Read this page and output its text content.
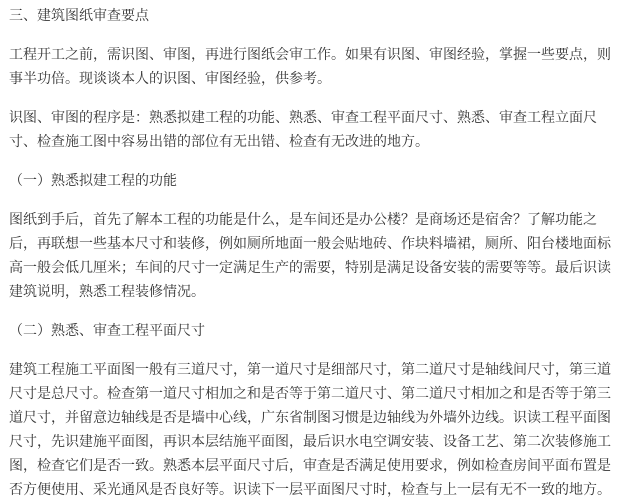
三、建筑图纸审查要点

工程开工之前，需识图、审图，再进行图纸会审工作。如果有识图、审图经验，掌握一些要点，则

事半功倍。现谈谈本人的识图、审图经验，供参考。

识图、审图的程序是：熟悉拟建工程的功能、熟悉、审查工程平面尺寸、熟悉、审查工程立面尺

寸、检查施工图中容易出错的部位有无出错、检查有无改进的地方。

（一）熟悉拟建工程的功能

图纸到手后，首先了解本工程的功能是什么，是车间还是办公楼？是商场还是宿舍？了解功能之

后，再联想一些基本尺寸和装修，例如厕所地面一般会贴地砖、作块料墙裙，厕所、阳台楼地面标

高一般会低几厘米；车间的尺寸一定满足生产的需要，特别是满足设备安装的需要等等。最后识读

建筑说明，熟悉工程装修情况。

（二）熟悉、审查工程平面尺寸

建筑工程施工平面图一般有三道尺寸，第一道尺寸是细部尺寸，第二道尺寸是轴线间尺寸，第三道

尺寸是总尺寸。检查第一道尺寸相加之和是否等于第二道尺寸、第二道尺寸相加之和是否等于第三

道尺寸，并留意边轴线是否是墙中心线，广东省制图习惯是边轴线为外墙外边线。识读工程平面图

尺寸，先识建施平面图，再识本层结施平面图，最后识水电空调安装、设备工艺、第二次装修施工

图，检查它们是否一致。熟悉本层平面尺寸后，审查是否满足使用要求，例如检查房间平面布置是

否方便使用、采光通风是否良好等。识读下一层平面图尺寸时，检查与上一层有无不一致的地方。
